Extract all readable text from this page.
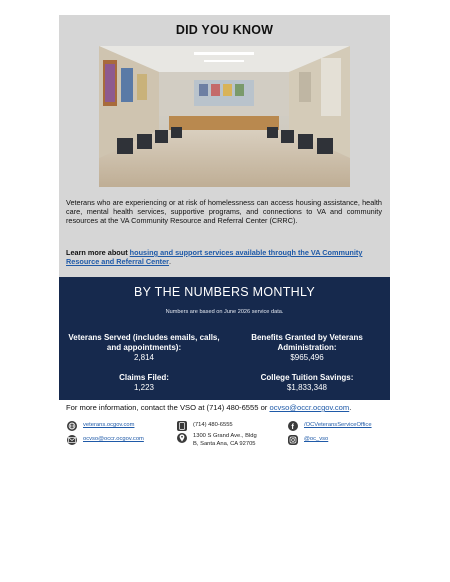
DID YOU KNOW
Veterans who are experiencing or at risk of homelessness can access housing assistance, health care, mental health services, supportive programs, and connections to VA and community resources at the VA Community Resource and Referral Center (CRRC).
Learn more about housing and support services available through the VA Community Resource and Referral Center.
BY THE NUMBERS MONTHLY
Numbers are based on June 2026 service data.
Veterans Served (includes emails, calls, and appointments):
2,814
Benefits Granted by Veterans Administration:
$965,496
Claims Filed:
1,223
College Tuition Savings:
$1,833,348
For more information, contact the VSO at (714) 480-6555 or ocvso@occr.ocgov.com.
veterans.ocgov.com
ocvso@occr.ocgov.com
(714) 480-6555
1300 S Grand Ave., Bldg B, Santa Ana, CA 92705
f /OCVeteransServiceOffice
@oc_vso
